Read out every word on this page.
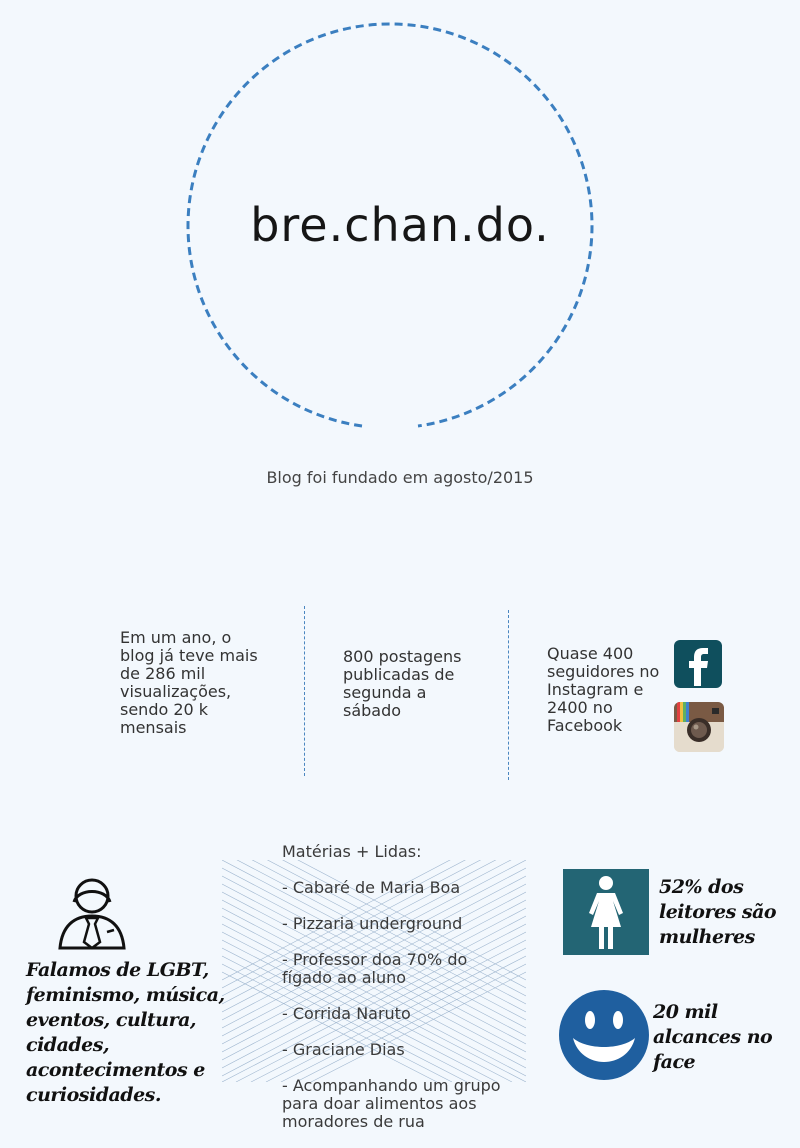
bre.chan.do.
Blog foi fundado em agosto/2015
Em um ano, o blog já teve mais de 286 mil visualizações, sendo 20 k mensais
800 postagens publicadas de segunda a sábado
Quase 400 seguidores no Instagram e 2400 no Facebook
Matérias + Lidas:
- Cabaré de Maria Boa
- Pizzaria underground
- Professor doa 70% do fígado ao aluno
- Corrida Naruto
- Graciane Dias
- Acompanhando um grupo para doar alimentos aos moradores de rua
Falamos de LGBT, feminismo, música, eventos, cultura, cidades, acontecimentos e curiosidades.
52% dos leitores são mulheres
20 mil alcances no face
